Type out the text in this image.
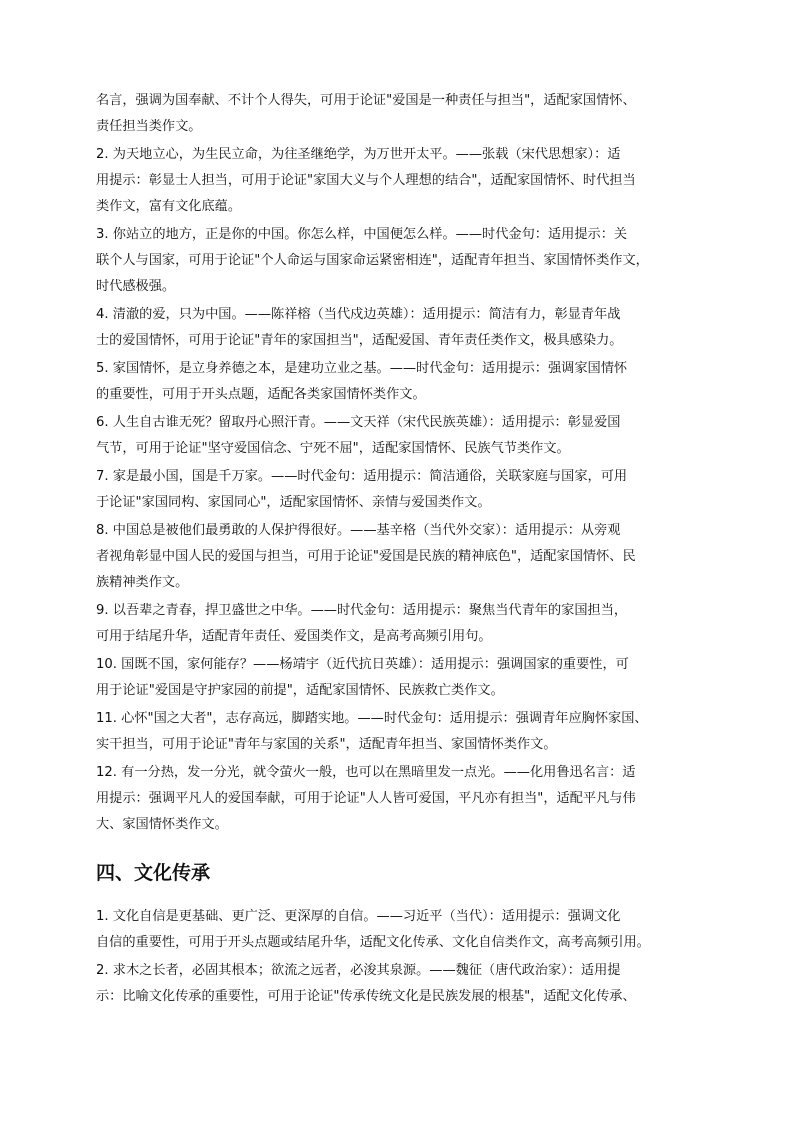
名言，强调为国奉献、不计个人得失，可用于论证"爱国是一种责任与担当"，适配家国情怀、
责任担当类作文。
2. 为天地立心，为生民立命，为往圣继绝学，为万世开太平。——张载（宋代思想家）：适
用提示：彰显士人担当，可用于论证"家国大义与个人理想的结合"，适配家国情怀、时代担当
类作文，富有文化底蕴。
3. 你站立的地方，正是你的中国。你怎么样，中国便怎么样。——时代金句：适用提示：关
联个人与国家，可用于论证"个人命运与国家命运紧密相连"，适配青年担当、家国情怀类作文，
时代感极强。
4. 清澈的爱，只为中国。——陈祥榕（当代戍边英雄）：适用提示：简洁有力，彰显青年战
士的爱国情怀，可用于论证"青年的家国担当"，适配爱国、青年责任类作文，极具感染力。
5. 家国情怀，是立身养德之本，是建功立业之基。——时代金句：适用提示：强调家国情怀
的重要性，可用于开头点题，适配各类家国情怀类作文。
6. 人生自古谁无死？留取丹心照汗青。——文天祥（宋代民族英雄）：适用提示：彰显爱国
气节，可用于论证"坚守爱国信念、宁死不屈"，适配家国情怀、民族气节类作文。
7. 家是最小国，国是千万家。——时代金句：适用提示：简洁通俗，关联家庭与国家，可用
于论证"家国同构、家国同心"，适配家国情怀、亲情与爱国类作文。
8. 中国总是被他们最勇敢的人保护得很好。——基辛格（当代外交家）：适用提示：从旁观
者视角彰显中国人民的爱国与担当，可用于论证"爱国是民族的精神底色"，适配家国情怀、民
族精神类作文。
9. 以吾辈之青春，捍卫盛世之中华。——时代金句：适用提示：聚焦当代青年的家国担当，
可用于结尾升华，适配青年责任、爱国类作文，是高考高频引用句。
10. 国既不国，家何能存？——杨靖宇（近代抗日英雄）：适用提示：强调国家的重要性，可
用于论证"爱国是守护家园的前提"，适配家国情怀、民族救亡类作文。
11. 心怀"国之大者"，志存高远，脚踏实地。——时代金句：适用提示：强调青年应胸怀家国、
实干担当，可用于论证"青年与家国的关系"，适配青年担当、家国情怀类作文。
12. 有一分热，发一分光，就令萤火一般，也可以在黑暗里发一点光。——化用鲁迅名言：适
用提示：强调平凡人的爱国奉献，可用于论证"人人皆可爱国，平凡亦有担当"，适配平凡与伟
大、家国情怀类作文。
四、文化传承
1. 文化自信是更基础、更广泛、更深厚的自信。——习近平（当代）：适用提示：强调文化
自信的重要性，可用于开头点题或结尾升华，适配文化传承、文化自信类作文，高考高频引用。
2. 求木之长者，必固其根本；欲流之远者，必浚其泉源。——魏征（唐代政治家）：适用提
示：比喻文化传承的重要性，可用于论证"传承传统文化是民族发展的根基"，适配文化传承、
